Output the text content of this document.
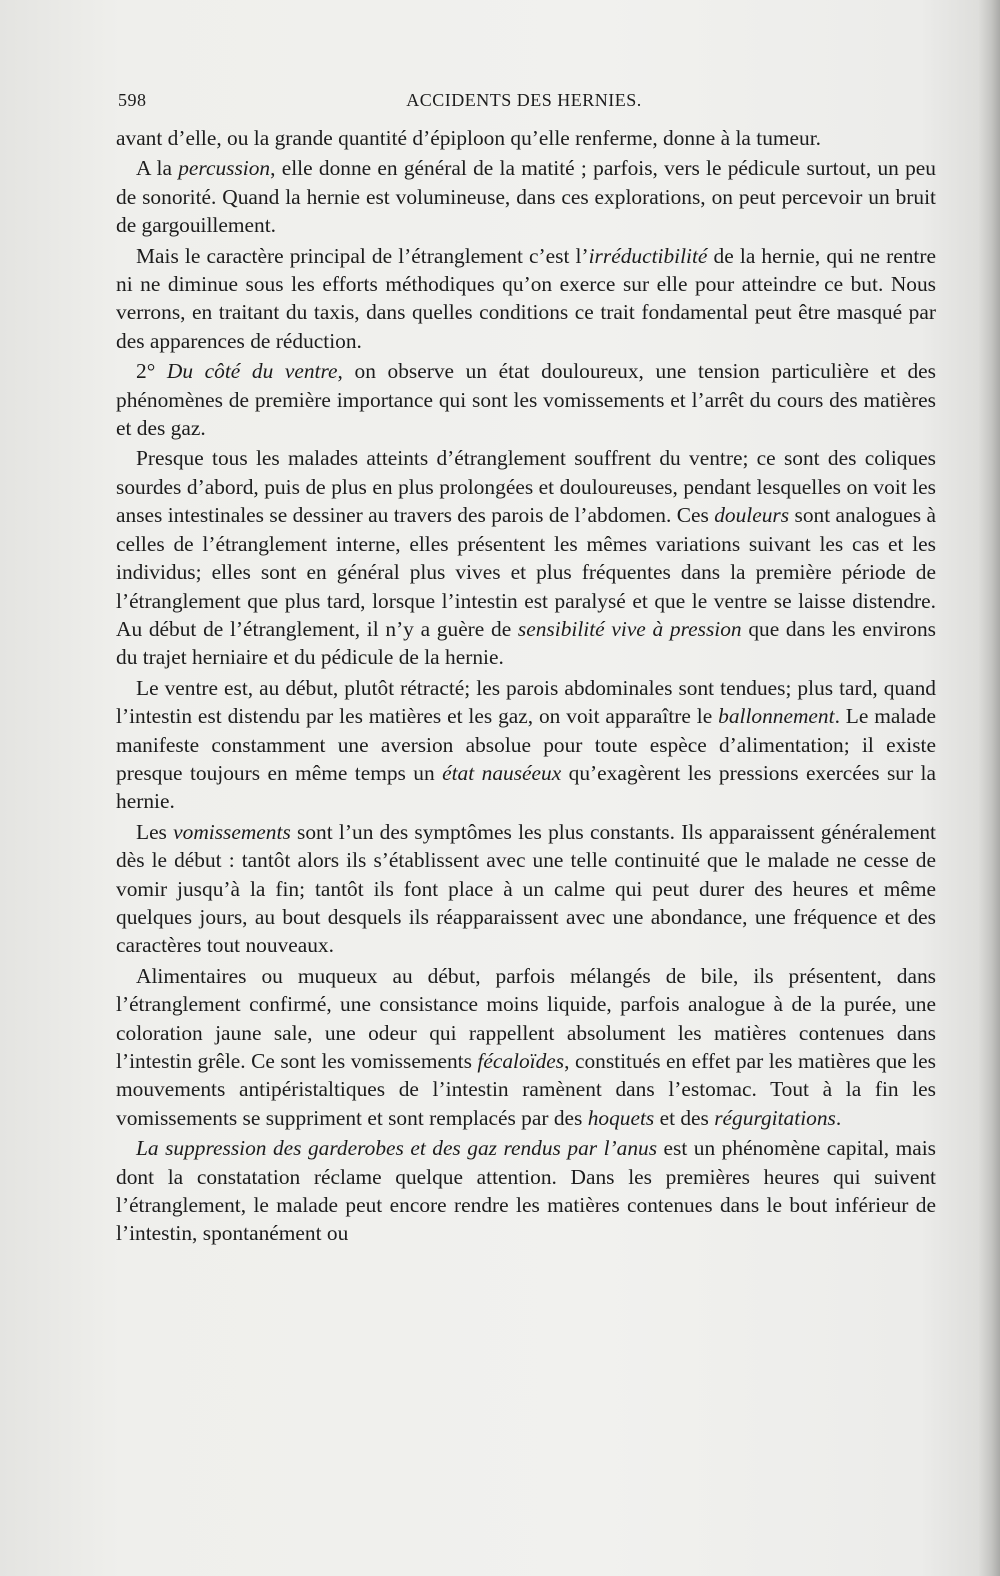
598	ACCIDENTS DES HERNIES.

avant d’elle, ou la grande quantité d’épiploon qu’elle renferme, donne à la tumeur.

A la percussion, elle donne en général de la matité ; parfois, vers le pédicule surtout, un peu de sonorité. Quand la hernie est volumineuse, dans ces explorations, on peut percevoir un bruit de gargouillement.

Mais le caractère principal de l’étranglement c’est l’irréductibilité de la hernie, qui ne rentre ni ne diminue sous les efforts méthodiques qu’on exerce sur elle pour atteindre ce but. Nous verrons, en traitant du taxis, dans quelles conditions ce trait fondamental peut être masqué par des apparences de réduction.

2° Du côté du ventre, on observe un état douloureux, une tension particulière et des phénomènes de première importance qui sont les vomissements et l’arrêt du cours des matières et des gaz.

Presque tous les malades atteints d’étranglement souffrent du ventre; ce sont des coliques sourdes d’abord, puis de plus en plus prolongées et douloureuses, pendant lesquelles on voit les anses intestinales se dessiner au travers des parois de l’abdomen. Ces douleurs sont analogues à celles de l’étranglement interne, elles présentent les mêmes variations suivant les cas et les individus; elles sont en général plus vives et plus fréquentes dans la première période de l’étranglement que plus tard, lorsque l’intestin est paralysé et que le ventre se laisse distendre. Au début de l’étranglement, il n’y a guère de sensibilité vive à pression que dans les environs du trajet herniaire et du pédicule de la hernie.

Le ventre est, au début, plutôt rétracté; les parois abdominales sont tendues; plus tard, quand l’intestin est distendu par les matières et les gaz, on voit apparaître le ballonnement. Le malade manifeste constamment une aversion absolue pour toute espèce d’alimentation; il existe presque toujours en même temps un état nauséeux qu’exagèrent les pressions exercées sur la hernie.

Les vomissements sont l’un des symptômes les plus constants. Ils apparaissent généralement dès le début : tantôt alors ils s’établissent avec une telle continuité que le malade ne cesse de vomir jusqu’à la fin; tantôt ils font place à un calme qui peut durer des heures et même quelques jours, au bout desquels ils réapparaissent avec une abondance, une fréquence et des caractères tout nouveaux.

Alimentaires ou muqueux au début, parfois mélangés de bile, ils présentent, dans l’étranglement confirmé, une consistance moins liquide, parfois analogue à de la purée, une coloration jaune sale, une odeur qui rappellent absolument les matières contenues dans l’intestin grêle. Ce sont les vomissements fécaloïdes, constitués en effet par les matières que les mouvements antipéristaltiques de l’intestin ramènent dans l’estomac. Tout à la fin les vomissements se suppriment et sont remplacés par des hoquets et des régurgitations.

La suppression des garderobes et des gaz rendus par l’anus est un phénomène capital, mais dont la constatation réclame quelque attention. Dans les premières heures qui suivent l’étranglement, le malade peut encore rendre les matières contenues dans le bout inférieur de l’intestin, spontanément ou
